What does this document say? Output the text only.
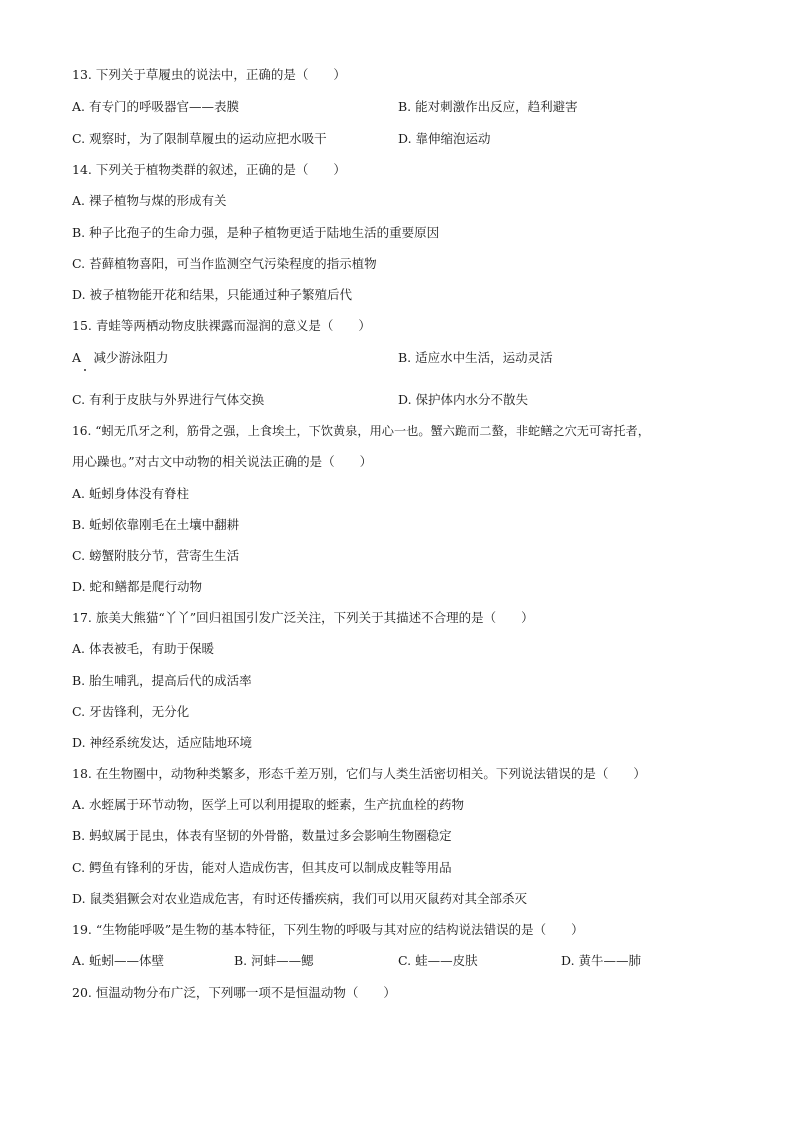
13. 下列关于草履虫的说法中，正确的是（　　）
A. 有专门的呼吸器官——表膜	B. 能对刺激作出反应，趋利避害
C. 观察时，为了限制草履虫的运动应把水吸干	D. 靠伸缩泡运动
14. 下列关于植物类群的叙述，正确的是（　　）
A. 裸子植物与煤的形成有关
B. 种子比孢子的生命力强，是种子植物更适于陆地生活的重要原因
C. 苔藓植物喜阳，可当作监测空气污染程度的指示植物
D. 被子植物能开花和结果，只能通过种子繁殖后代
15. 青蛙等两栖动物皮肤裸露而湿润的意义是（　　）
A　减少游泳阻力	B. 适应水中生活，运动灵活
C. 有利于皮肤与外界进行气体交换	D. 保护体内水分不散失
16. “蚓无爪牙之利，筋骨之强，上食埃土，下饮黄泉，用心一也。蟹六跪而二螯，非蛇鳝之穴无可寄托者，
用心躁也。”对古文中动物的相关说法正确的是（　　）
A. 蚯蚓身体没有脊柱
B. 蚯蚓依靠刚毛在土壤中翻耕
C. 螃蟹附肢分节，营寄生生活
D. 蛇和鳝都是爬行动物
17. 旅美大熊猫“丫丫”回归祖国引发广泛关注，下列关于其描述不合理的是（　　）
A. 体表被毛，有助于保暖
B. 胎生哺乳，提高后代的成活率
C. 牙齿锋利，无分化
D. 神经系统发达，适应陆地环境
18. 在生物圈中，动物种类繁多，形态千差万别，它们与人类生活密切相关。下列说法错误的是（　　）
A. 水蛭属于环节动物，医学上可以利用提取的蛭素，生产抗血栓的药物
B. 蚂蚁属于昆虫，体表有坚韧的外骨骼，数量过多会影响生物圈稳定
C. 鳄鱼有锋利的牙齿，能对人造成伤害，但其皮可以制成皮鞋等用品
D. 鼠类猖獗会对农业造成危害，有时还传播疾病，我们可以用灭鼠药对其全部杀灭
19. “生物能呼吸”是生物的基本特征，下列生物的呼吸与其对应的结构说法错误的是（　　）
A. 蚯蚓——体壁	B. 河蚌——鳃	C. 蛙——皮肤	D. 黄牛——肺
20. 恒温动物分布广泛，下列哪一项不是恒温动物（　　）
